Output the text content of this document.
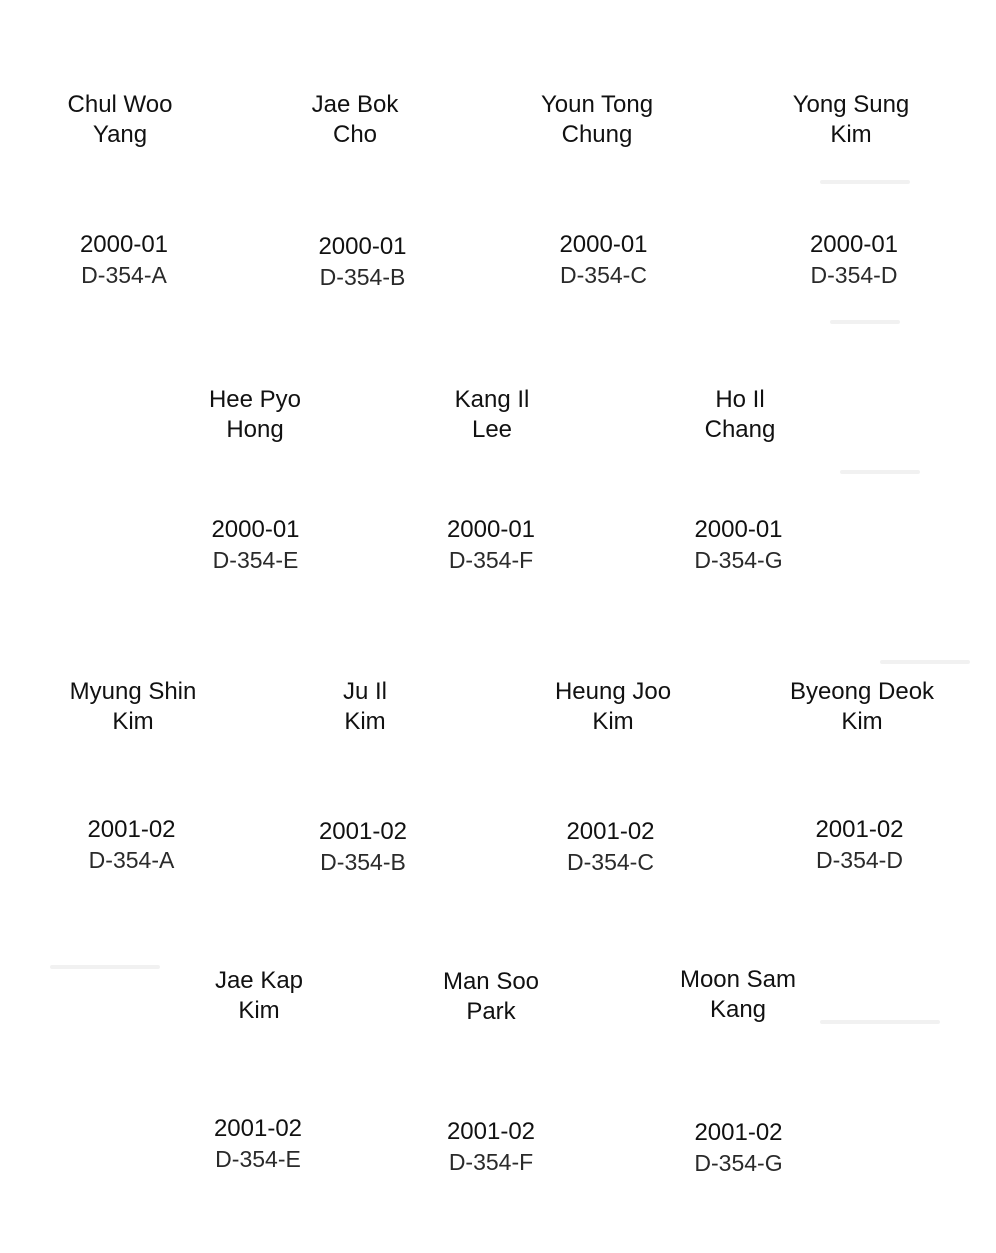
Chul Woo
Yang
2000-01
D-354-A
Jae Bok
Cho
2000-01
D-354-B
Youn Tong
Chung
2000-01
D-354-C
Yong Sung
Kim
2000-01
D-354-D
Hee Pyo
Hong
2000-01
D-354-E
Kang Il
Lee
2000-01
D-354-F
Ho Il
Chang
2000-01
D-354-G
Myung Shin
Kim
2001-02
D-354-A
Ju Il
Kim
2001-02
D-354-B
Heung Joo
Kim
2001-02
D-354-C
Byeong Deok
Kim
2001-02
D-354-D
Jae Kap
Kim
2001-02
D-354-E
Man Soo
Park
2001-02
D-354-F
Moon Sam
Kang
2001-02
D-354-G
